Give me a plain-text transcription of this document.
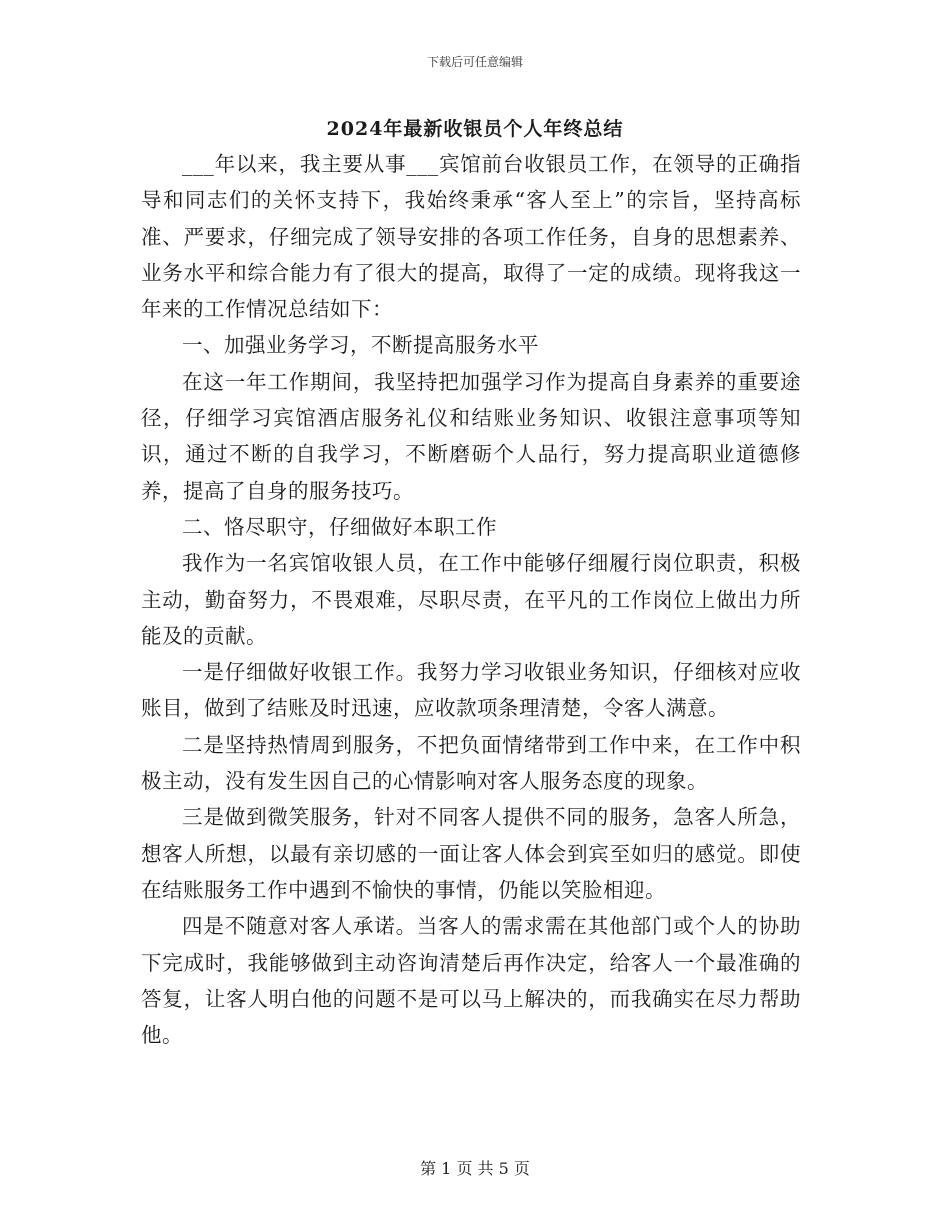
下载后可任意编辑
2024年最新收银员个人年终总结

___年以来，我主要从事___宾馆前台收银员工作，在领导的正确指导和同志们的关怀支持下，我始终秉承“客人至上”的宗旨，坚持高标准、严要求，仔细完成了领导安排的各项工作任务，自身的思想素养、业务水平和综合能力有了很大的提高，取得了一定的成绩。现将我这一年来的工作情况总结如下：

一、加强业务学习，不断提高服务水平

在这一年工作期间，我坚持把加强学习作为提高自身素养的重要途径，仔细学习宾馆酒店服务礼仪和结账业务知识、收银注意事项等知识，通过不断的自我学习，不断磨砺个人品行，努力提高职业道德修养，提高了自身的服务技巧。

二、恪尽职守，仔细做好本职工作

我作为一名宾馆收银人员，在工作中能够仔细履行岗位职责，积极主动，勤奋努力，不畏艰难，尽职尽责，在平凡的工作岗位上做出力所能及的贡献。

一是仔细做好收银工作。我努力学习收银业务知识，仔细核对应收账目，做到了结账及时迅速，应收款项条理清楚，令客人满意。

二是坚持热情周到服务，不把负面情绪带到工作中来，在工作中积极主动，没有发生因自己的心情影响对客人服务态度的现象。

三是做到微笑服务，针对不同客人提供不同的服务，急客人所急，想客人所想，以最有亲切感的一面让客人体会到宾至如归的感觉。即使在结账服务工作中遇到不愉快的事情，仍能以笑脸相迎。

四是不随意对客人承诺。当客人的需求需在其他部门或个人的协助下完成时，我能够做到主动咨询清楚后再作决定，给客人一个最准确的答复，让客人明白他的问题不是可以马上解决的，而我确实在尽力帮助他。

第 1 页 共 5 页
